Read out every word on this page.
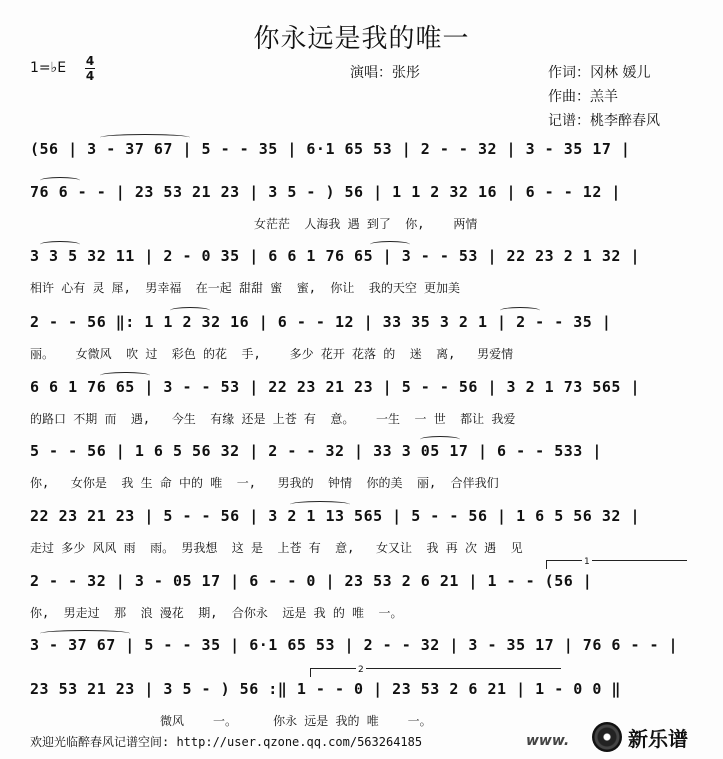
你永远是我的唯一
1=♭E 4
4	演唱：张彤	作词：冈林 媛儿
作曲：羔羊
记谱：桃李醉春风
(56 | 3 - 37 67 | 5 - - 35 | 6·1 65 53 | 2 - - 32 | 3 - 35 17 |
76 6 - - | 23 53 21 23 | 3 5 - ) 56 | 1 1 2 32 16 | 6 - - 12 |
女茫茫  人海我 遇 到了  你,    两情
3 3 5 32 11 | 2 - 0 35 | 6 6 1 76 65 | 3 - - 53 | 22 23 2 1 32 |
相许 心有 灵 犀,  男幸福  在一起 甜甜 蜜  蜜,  你让  我的天空 更加美
2 - - 56 ‖: 1 1 2 32 16 | 6 - - 12 | 33 35 3 2 1 | 2 - - 35 |
丽。   女微风  吹 过  彩色 的花  手,    多少 花开 花落 的  迷  离,   男爱情
6 6 1 76 65 | 3 - - 53 | 22 23 21 23 | 5 - - 56 | 3 2 1 73 565 |
的路口 不期 而  遇,   今生  有缘 还是 上苍 有  意。   一生  一 世  都让 我爱
5 - - 56 | 1 6 5 56 32 | 2 - - 32 | 33 3 05 17 | 6 - - 533 |
你,   女你是  我 生 命 中的 唯  一,   男我的  钟情  你的美  丽,  合伴我们
22 23 21 23 | 5 - - 56 | 3 2 1 13 565 | 5 - - 56 | 1 6 5 56 32 |
走过 多少 风风 雨  雨。 男我想  这 是  上苍 有  意,   女又让  我 再 次 遇  见
2 - - 32 | 3 - 05 17 | 6 - - 0 | 23 53 2 6 21 | 1 - - (56 |
你,  男走过  那  浪 漫花  期,  合你永  远是 我 的 唯  一。
1
3 - 37 67 | 5 - - 35 | 6·1 65 53 | 2 - - 32 | 3 - 35 17 | 76 6 - - |
23 53 21 23 | 3 5 - ) 56 :‖ 1 - - 0 | 23 53 2 6 21 | 1 - 0 0 ‖
微风    一。     你永 远是 我的 唯    一。
2
欢迎光临醉春风记谱空间: http://user.qzone.qq.com/563264185	www.	新乐谱
